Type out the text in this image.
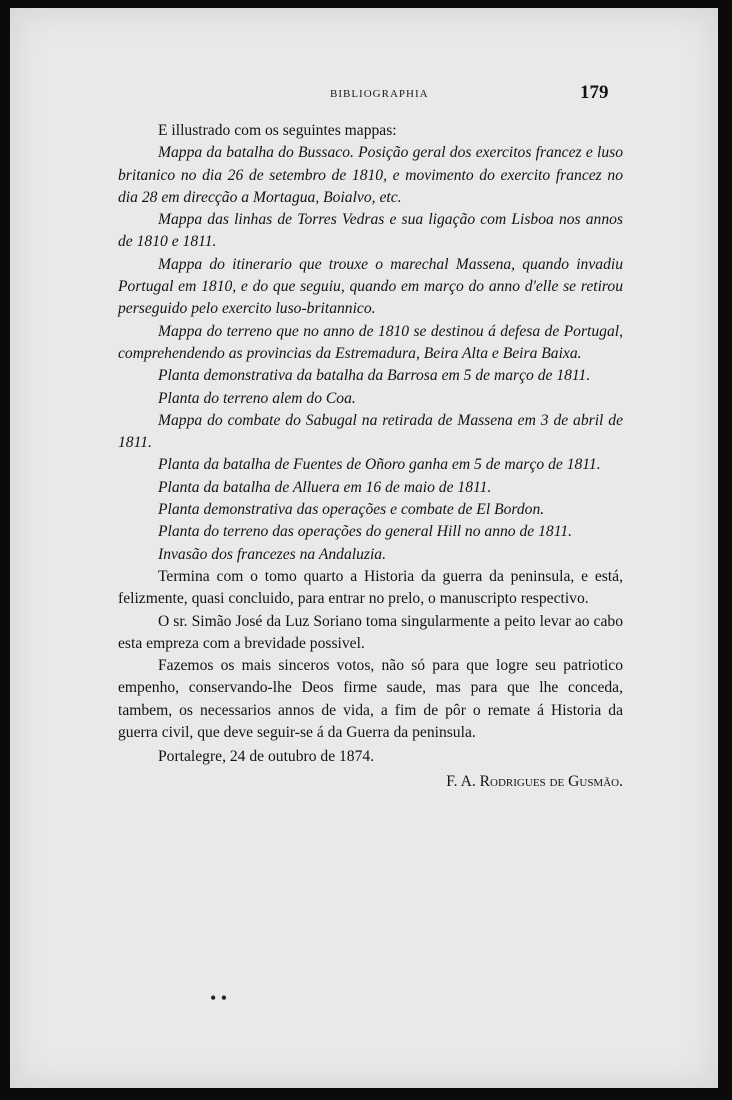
BIBLIOGRAPHIA	179

E illustrado com os seguintes mappas:

Mappa da batalha do Bussaco. Posição geral dos exercitos francez e luso britanico no dia 26 de setembro de 1810, e movimento do exercito francez no dia 28 em direcção a Mortagua, Boialvo, etc.

Mappa das linhas de Torres Vedras e sua ligação com Lisboa nos annos de 1810 e 1811.

Mappa do itinerario que trouxe o marechal Massena, quando invadiu Portugal em 1810, e do que seguiu, quando em março do anno d'elle se retirou perseguido pelo exercito luso-britannico.

Mappa do terreno que no anno de 1810 se destinou á defesa de Portugal, comprehendendo as provincias da Estremadura, Beira Alta e Beira Baixa.

Planta demonstrativa da batalha da Barrosa em 5 de março de 1811.

Planta do terreno alem do Coa.

Mappa do combate do Sabugal na retirada de Massena em 3 de abril de 1811.

Planta da batalha de Fuentes de Oñoro ganha em 5 de março de 1811.

Planta da batalha de Alluera em 16 de maio de 1811.

Planta demonstrativa das operações e combate de El Bordon.

Planta do terreno das operações do general Hill no anno de 1811.

Invasão dos francezes na Andaluzia.

Termina com o tomo quarto a Historia da guerra da peninsula, e está, felizmente, quasi concluido, para entrar no prelo, o manuscripto respectivo.

O sr. Simão José da Luz Soriano toma singularmente a peito levar ao cabo esta empreza com a brevidade possivel.

Fazemos os mais sinceros votos, não só para que logre seu patriotico empenho, conservando-lhe Deos firme saude, mas para que lhe conceda, tambem, os necessarios annos de vida, a fim de pôr o remate á Historia da guerra civil, que deve seguir-se á da Guerra da peninsula.

Portalegre, 24 de outubro de 1874.

F. A. Rodrigues de Gusmão.

• •
